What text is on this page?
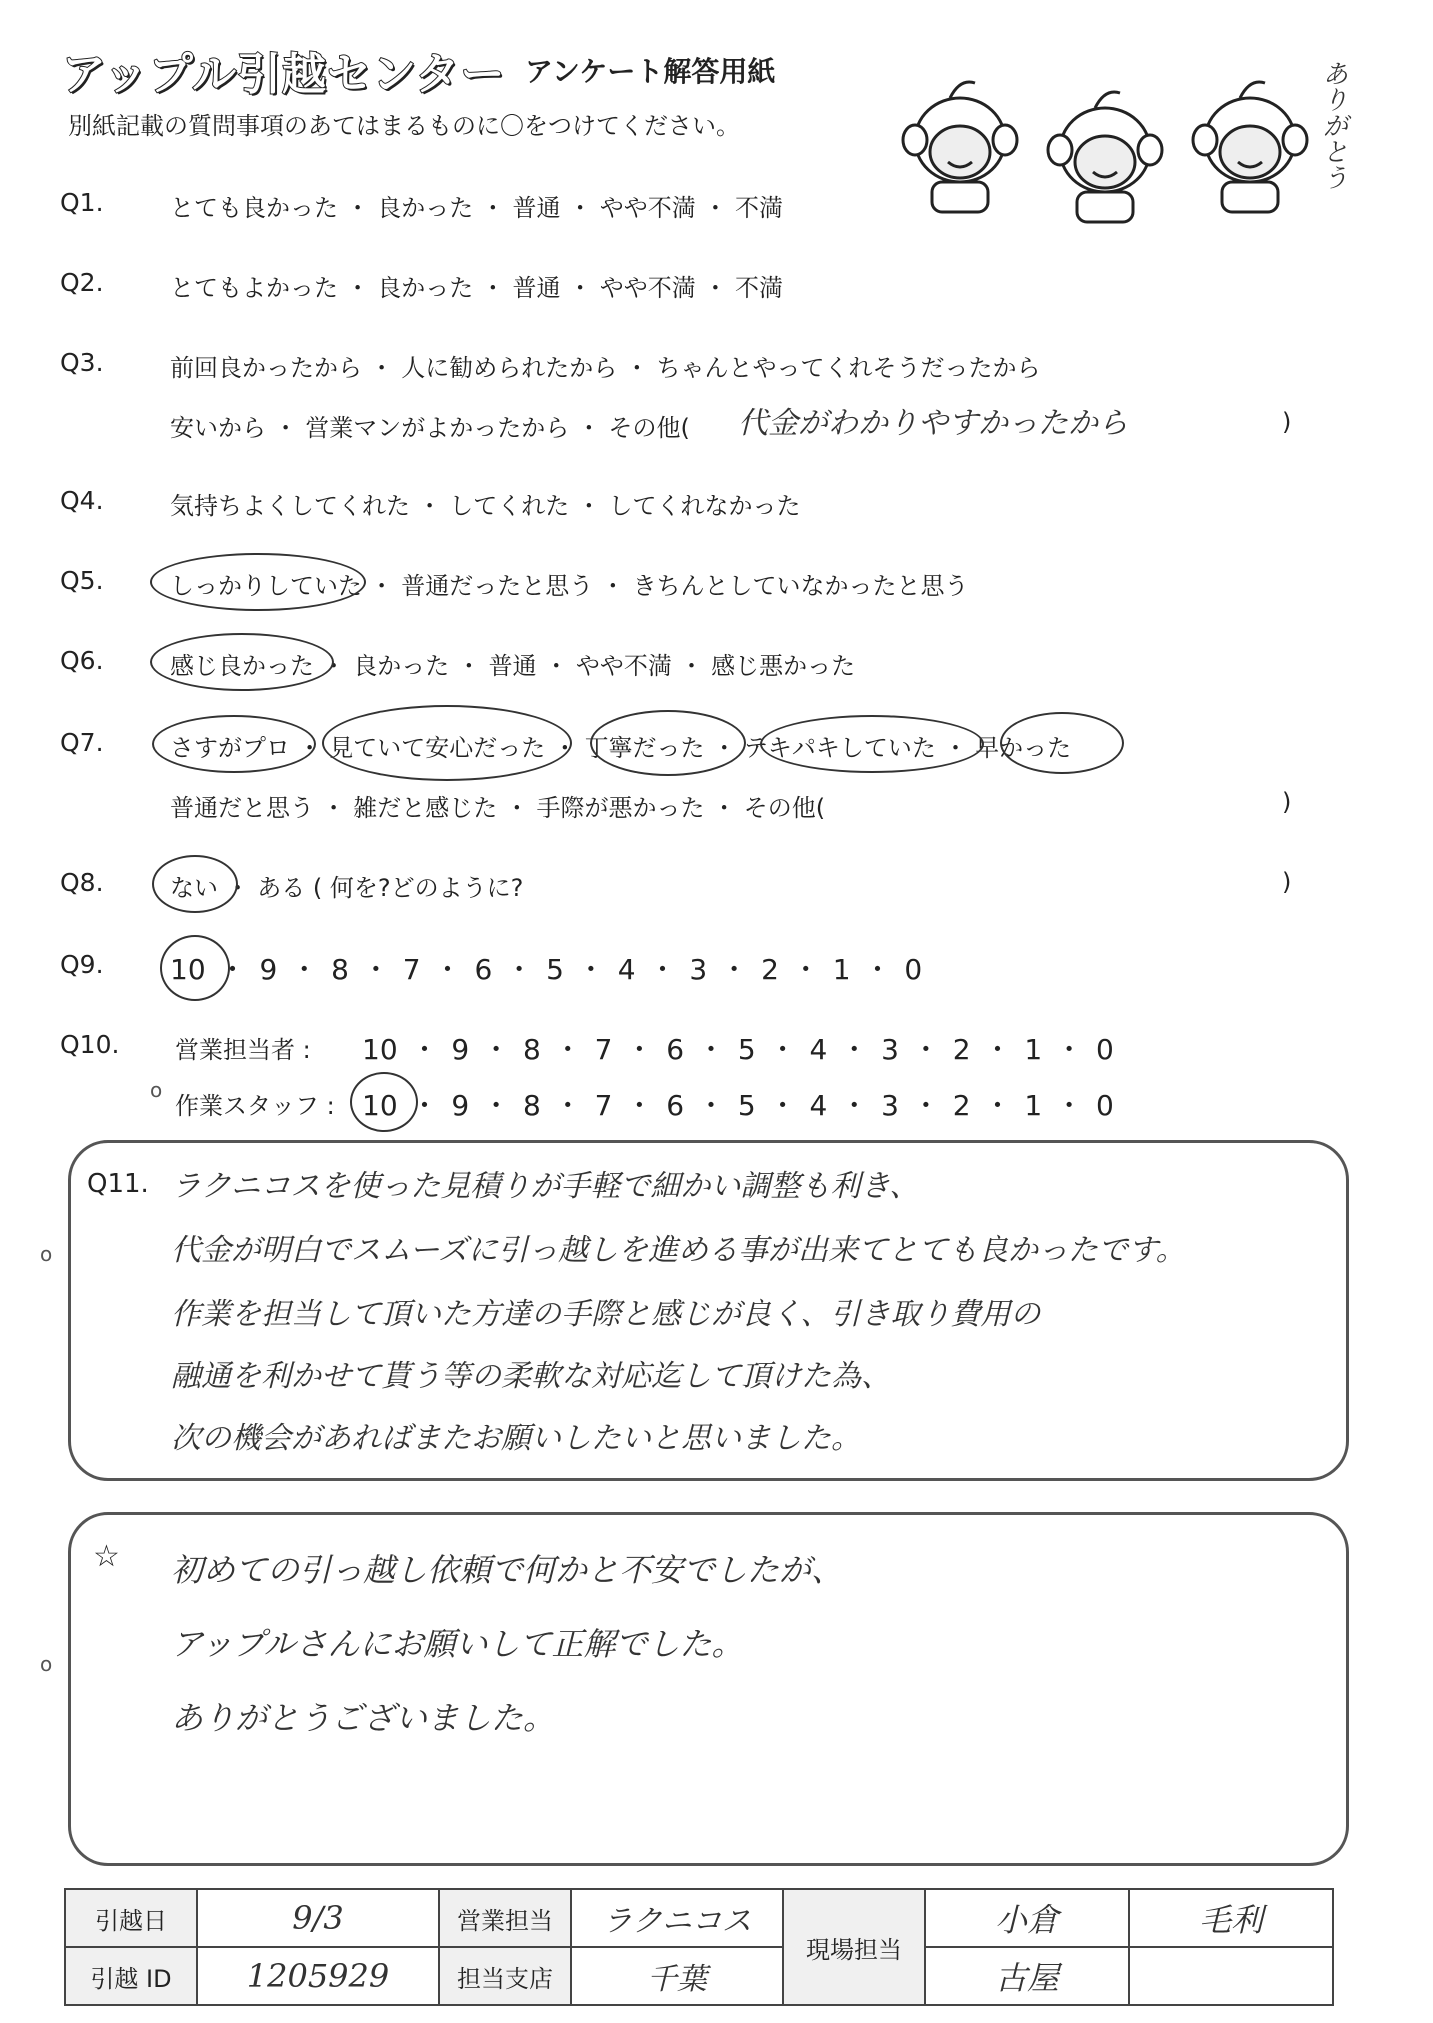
アップル引越センター アンケート解答用紙
別紙記載の質問事項のあてはまるものに〇をつけてください。	ありがとう
Q1.	とても良かった ・ 良かった ・ 普通 ・ やや不満 ・ 不満
Q2.	とてもよかった ・ 良かった ・ 普通 ・ やや不満 ・ 不満
Q3.	前回良かったから ・ 人に勧められたから ・ ちゃんとやってくれそうだったから
安いから ・ 営業マンがよかったから ・ その他( 代金がわかりやすかったから	)
Q4.	気持ちよくしてくれた ・ してくれた ・ してくれなかった
Q5.	しっかりしていた ・ 普通だったと思う ・ きちんとしていなかったと思う
Q6.	感じ良かった ・ 良かった ・ 普通 ・ やや不満 ・ 感じ悪かった
Q7.	さすがプロ ・ 見ていて安心だった ・ 丁寧だった ・ テキパキしていた ・ 早かった
普通だと思う ・ 雑だと感じた ・ 手際が悪かった ・ その他(	)
Q8.	ない ・ ある ( 何を?どのように?	)
Q9. 10 ・ 9 ・ 8 ・ 7 ・ 6 ・ 5 ・ 4 ・ 3 ・ 2 ・ 1 ・ 0
Q10. 営業担当者 : 10 ・ 9 ・ 8 ・ 7 ・ 6 ・ 5 ・ 4 ・ 3 ・ 2 ・ 1 ・ 0
作業スタッフ : 10 ・ 9 ・ 8 ・ 7 ・ 6 ・ 5 ・ 4 ・ 3 ・ 2 ・ 1 ・ 0
o
Q11. ラクニコスを使った見積りが手軽で細かい調整も利き、
代金が明白でスムーズに引っ越しを進める事が出来てとても良かったです。
作業を担当して頂いた方達の手際と感じが良く、引き取り費用の
融通を利かせて貰う等の柔軟な対応迄して頂けた為、
次の機会があればまたお願いしたいと思いました。
o
☆ 初めての引っ越し依頼で何かと不安でしたが、
アップルさんにお願いして正解でした。
ありがとうございました。
o
引越日	9/3	営業担当	ラクニコス	現場担当	小倉	毛利
引越 ID	1205929	担当支店	千葉		古屋	
